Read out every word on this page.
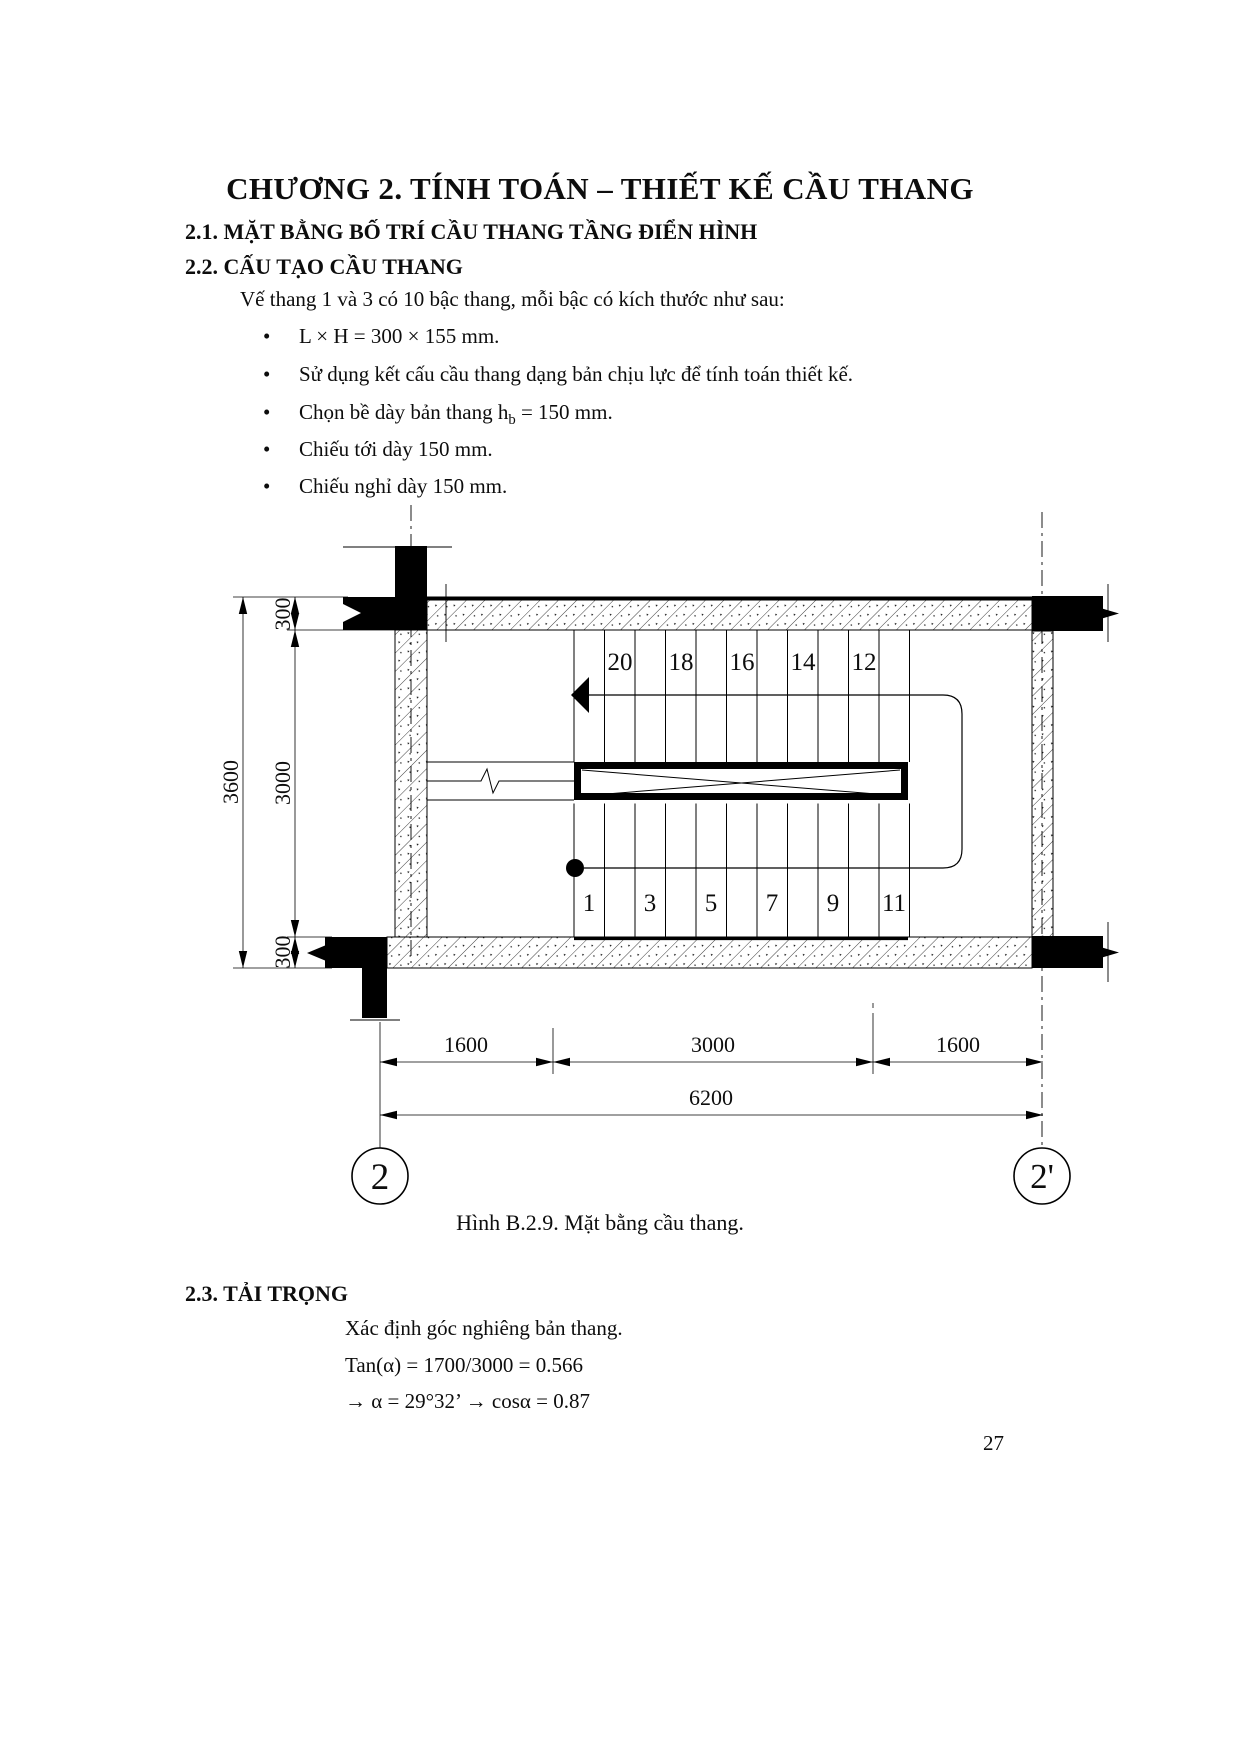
CHƯƠNG 2. TÍNH TOÁN – THIẾT KẾ CẦU THANG
2.1. MẶT BẰNG BỐ TRÍ CẦU THANG TẦNG ĐIỂN HÌNH
2.2. CẤU TẠO CẦU THANG
Vế thang 1 và 3 có 10 bậc thang, mỗi bậc có kích thước như sau:
• L × H = 300 × 155 mm.
• Sử dụng kết cấu cầu thang dạng bản chịu lực để tính toán thiết kế.
• Chọn bề dày bản thang $h_b = 150$ mm.
• Chiếu tới dày 150 mm.
• Chiếu nghỉ dày 150 mm.
20 18 16 14 12
1 3 5 7 9 11
300
3000
300
3600
1600	3000	1600
6200
2	2'
Hình B.2.9. Mặt bằng cầu thang.
2.3. TẢI TRỌNG
Xác định góc nghiêng bản thang.
Tan(α) = 1700/3000 = 0.566
→ α = 29°32’ → cosα = 0.87
27
